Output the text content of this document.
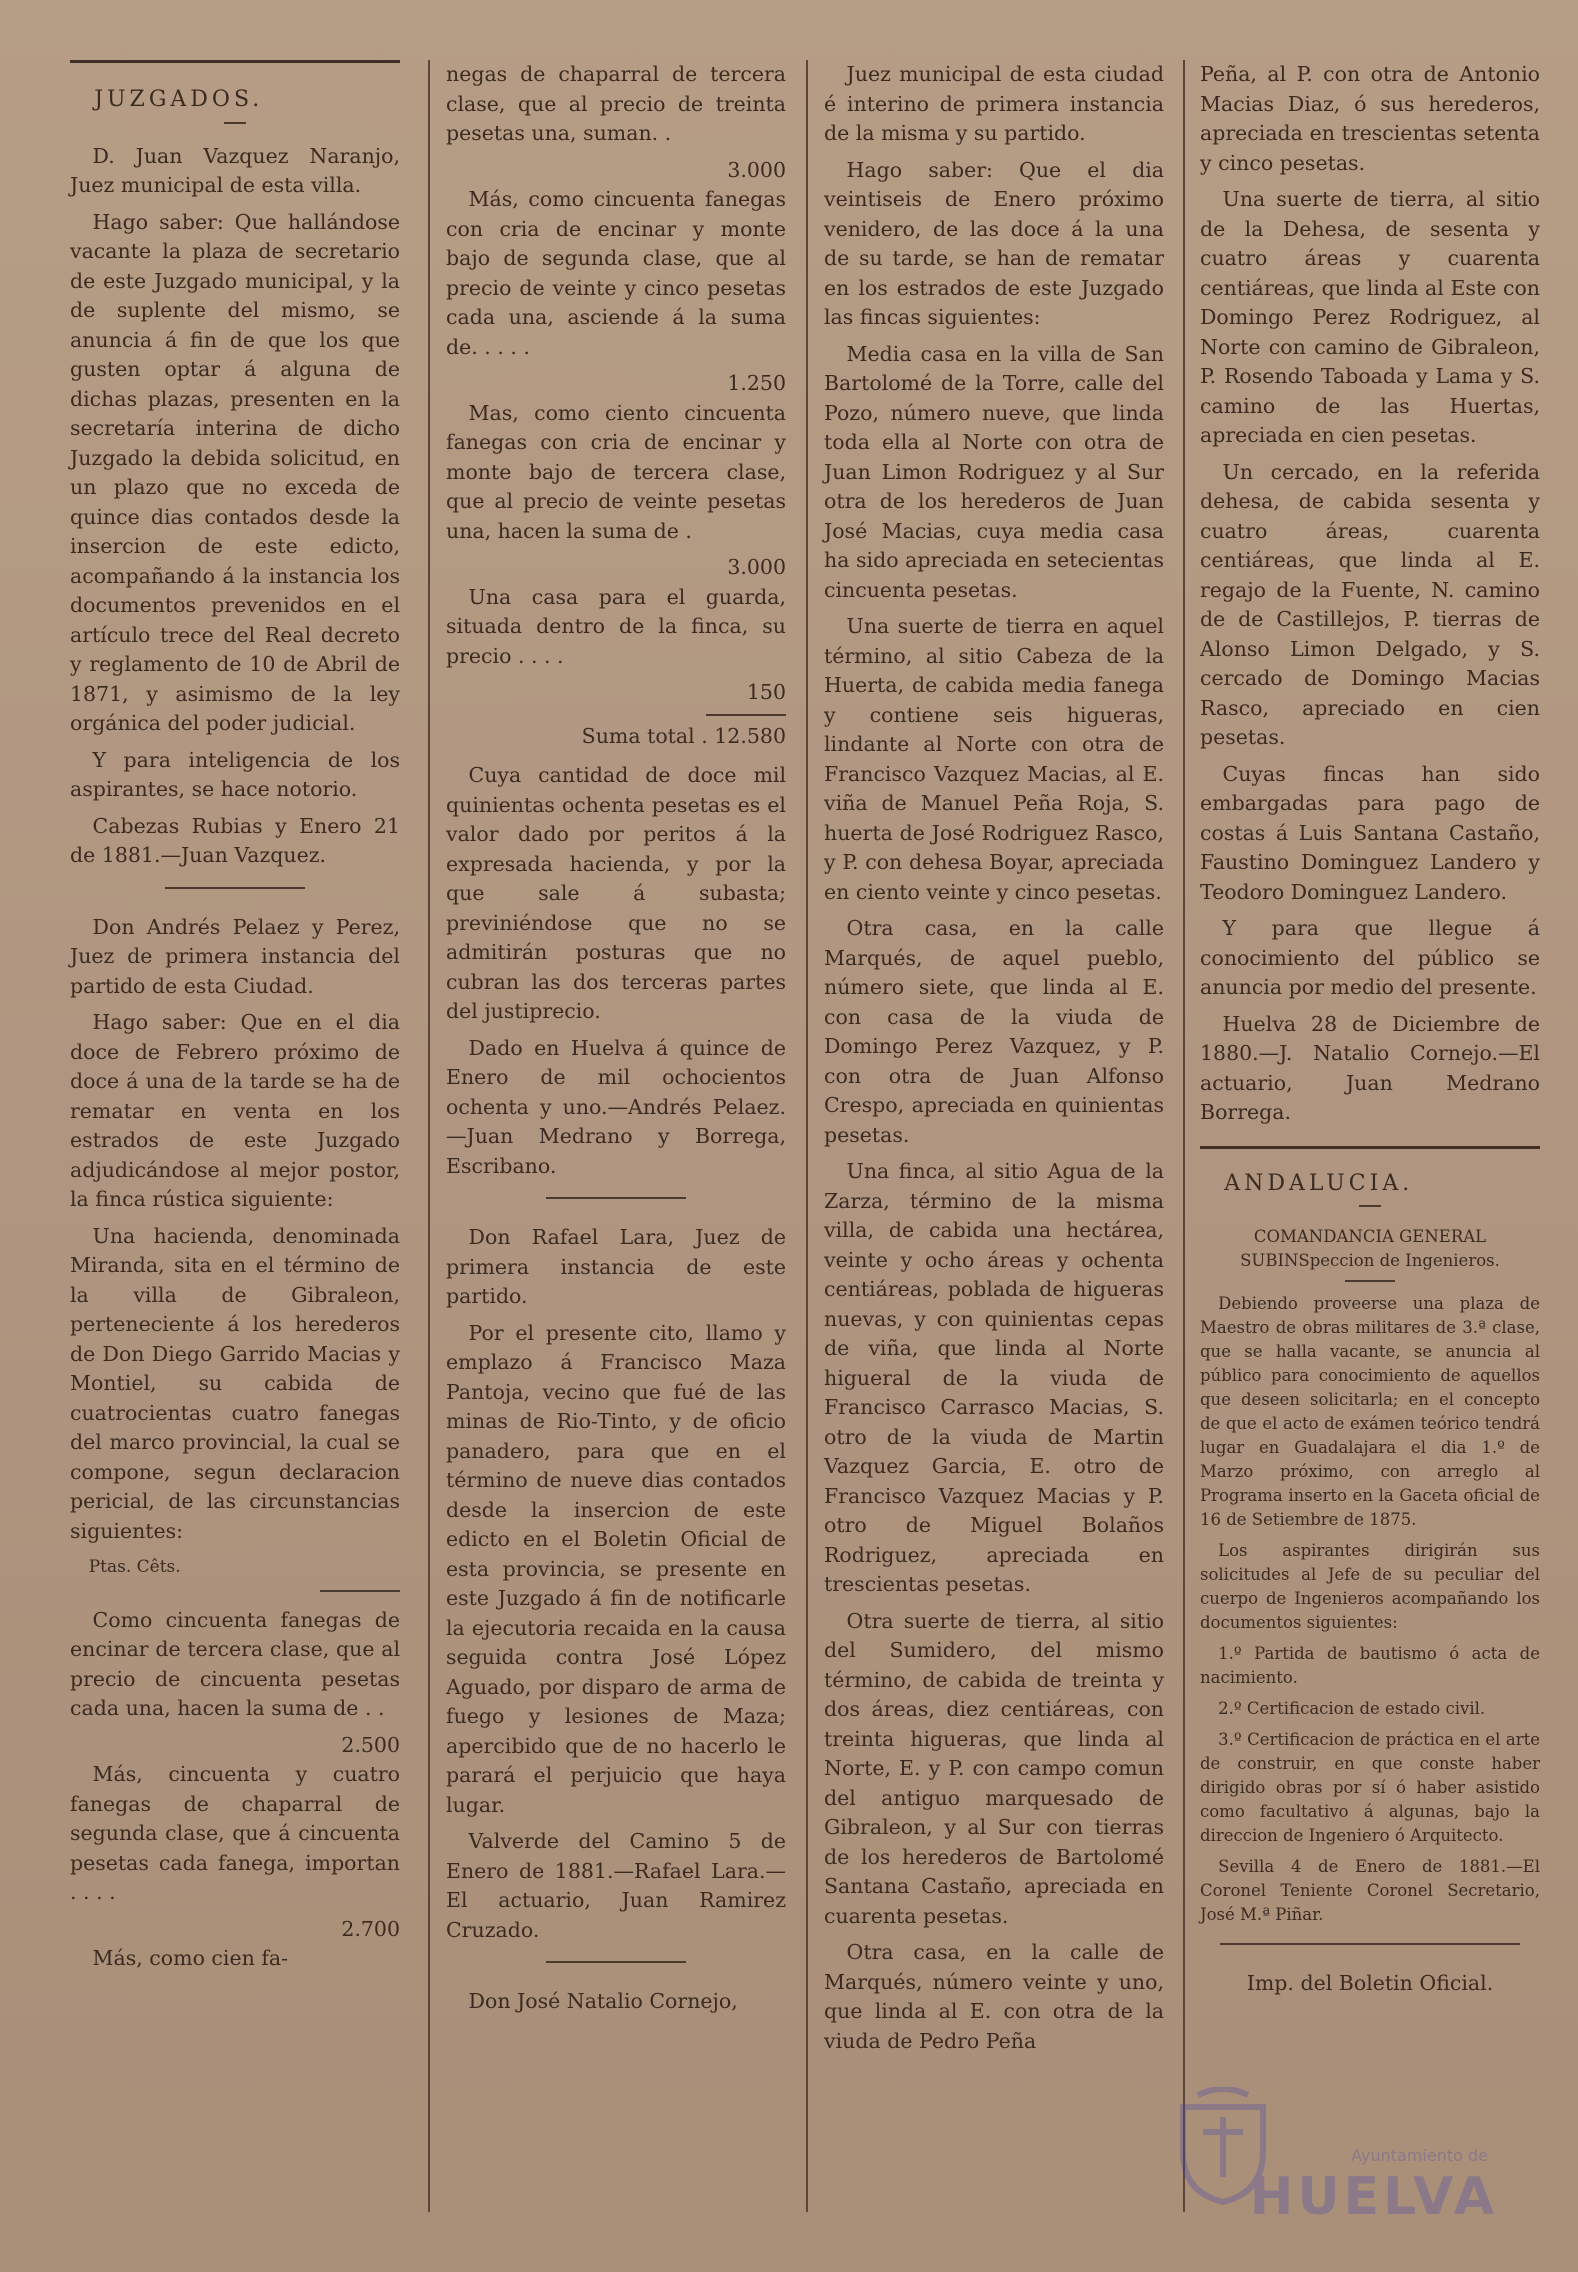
JUZGADOS.

D. Juan Vazquez Naranjo, Juez municipal de esta villa.

Hago saber: Que hallándose vacante la plaza de secretario de este Juzgado municipal, y la de suplente del mismo, se anuncia á fin de que los que gusten optar á alguna de dichas plazas, presenten en la secretaría interina de dicho Juzgado la debida solicitud, en un plazo que no exceda de quince dias contados desde la insercion de este edicto, acompañando á la instancia los documentos prevenidos en el artículo trece del Real decreto y reglamento de 10 de Abril de 1871, y asimismo de la ley orgánica del poder judicial.

Y para inteligencia de los aspirantes, se hace notorio.

Cabezas Rubias y Enero 21 de 1881.—Juan Vazquez.

Don Andrés Pelaez y Perez, Juez de primera instancia del partido de esta Ciudad.

Hago saber: Que en el dia doce de Febrero próximo de doce á una de la tarde se ha de rematar en venta en los estrados de este Juzgado adjudicándose al mejor postor, la finca rústica siguiente:

Una hacienda, denominada Miranda, sita en el término de la villa de Gibraleon, perteneciente á los herederos de Don Diego Garrido Macias y Montiel, su cabida de cuatrocientas cuatro fanegas del marco provincial, la cual se compone, segun declaracion pericial, de las circunstancias siguientes:

Ptas. Cêts.

Como cincuenta fanegas de encinar de tercera clase, que al precio de cincuenta pesetas cada una, hacen la suma de . .

2.500

Más, cincuenta y cuatro fanegas de chaparral de segunda clase, que á cincuenta pesetas cada fanega, importan . . . .

2.700

Más, como cien fa-

negas de chaparral de tercera clase, que al precio de treinta pesetas una, suman. .

3.000

Más, como cincuenta fanegas con cria de encinar y monte bajo de segunda clase, que al precio de veinte y cinco pesetas cada una, asciende á la suma de. . . . .

1.250

Mas, como ciento cincuenta fanegas con cria de encinar y monte bajo de tercera clase, que al precio de veinte pesetas una, hacen la suma de .

3.000

Una casa para el guarda, situada dentro de la finca, su precio . . . .

150
Suma total .
12.580

Cuya cantidad de doce mil quinientas ochenta pesetas es el valor dado por peritos á la expresada hacienda, y por la que sale á subasta; previniéndose que no se admitirán posturas que no cubran las dos terceras partes del justiprecio.

Dado en Huelva á quince de Enero de mil ochocientos ochenta y uno.—Andrés Pelaez.—Juan Medrano y Borrega, Escribano.

Don Rafael Lara, Juez de primera instancia de este partido.

Por el presente cito, llamo y emplazo á Francisco Maza Pantoja, vecino que fué de las minas de Rio-Tinto, y de oficio panadero, para que en el término de nueve dias contados desde la insercion de este edicto en el Boletin Oficial de esta provincia, se presente en este Juzgado á fin de notificarle la ejecutoria recaida en la causa seguida contra José López Aguado, por disparo de arma de fuego y lesiones de Maza; apercibido que de no hacerlo le parará el perjuicio que haya lugar.

Valverde del Camino 5 de Enero de 1881.—Rafael Lara.—El actuario, Juan Ramirez Cruzado.

Don José Natalio Cornejo,

Juez municipal de esta ciudad é interino de primera instancia de la misma y su partido.

Hago saber: Que el dia veintiseis de Enero próximo venidero, de las doce á la una de su tarde, se han de rematar en los estrados de este Juzgado las fincas siguientes:

Media casa en la villa de San Bartolomé de la Torre, calle del Pozo, número nueve, que linda toda ella al Norte con otra de Juan Limon Rodriguez y al Sur otra de los herederos de Juan José Macias, cuya media casa ha sido apreciada en setecientas cincuenta pesetas.

Una suerte de tierra en aquel término, al sitio Cabeza de la Huerta, de cabida media fanega y contiene seis higueras, lindante al Norte con otra de Francisco Vazquez Macias, al E. viña de Manuel Peña Roja, S. huerta de José Rodriguez Rasco, y P. con dehesa Boyar, apreciada en ciento veinte y cinco pesetas.

Otra casa, en la calle Marqués, de aquel pueblo, número siete, que linda al E. con casa de la viuda de Domingo Perez Vazquez, y P. con otra de Juan Alfonso Crespo, apreciada en quinientas pesetas.

Una finca, al sitio Agua de la Zarza, término de la misma villa, de cabida una hectárea, veinte y ocho áreas y ochenta centiáreas, poblada de higueras nuevas, y con quinientas cepas de viña, que linda al Norte higueral de la viuda de Francisco Carrasco Macias, S. otro de la viuda de Martin Vazquez Garcia, E. otro de Francisco Vazquez Macias y P. otro de Miguel Bolaños Rodriguez, apreciada en trescientas pesetas.

Otra suerte de tierra, al sitio del Sumidero, del mismo término, de cabida de treinta y dos áreas, diez centiáreas, con treinta higueras, que linda al Norte, E. y P. con campo comun del antiguo marquesado de Gibraleon, y al Sur con tierras de los herederos de Bartolomé Santana Castaño, apreciada en cuarenta pesetas.

Otra casa, en la calle de Marqués, número veinte y uno, que linda al E. con otra de la viuda de Pedro Peña

Peña, al P. con otra de Antonio Macias Diaz, ó sus herederos, apreciada en trescientas setenta y cinco pesetas.

Una suerte de tierra, al sitio de la Dehesa, de sesenta y cuatro áreas y cuarenta centiáreas, que linda al Este con Domingo Perez Rodriguez, al Norte con camino de Gibraleon, P. Rosendo Taboada y Lama y S. camino de las Huertas, apreciada en cien pesetas.

Un cercado, en la referida dehesa, de cabida sesenta y cuatro áreas, cuarenta centiáreas, que linda al E. regajo de la Fuente, N. camino de de Castillejos, P. tierras de Alonso Limon Delgado, y S. cercado de Domingo Macias Rasco, apreciado en cien pesetas.

Cuyas fincas han sido embargadas para pago de costas á Luis Santana Castaño, Faustino Dominguez Landero y Teodoro Dominguez Landero.

Y para que llegue á conocimiento del público se anuncia por medio del presente.

Huelva 28 de Diciembre de 1880.—J. Natalio Cornejo.—El actuario, Juan Medrano Borrega.

ANDALUCIA.

COMANDANCIA GENERAL SUBINSpeccion de Ingenieros.

Debiendo proveerse una plaza de Maestro de obras militares de 3.ª clase, que se halla vacante, se anuncia al público para conocimiento de aquellos que deseen solicitarla; en el concepto de que el acto de exámen teórico tendrá lugar en Guadalajara el dia 1.º de Marzo próximo, con arreglo al Programa inserto en la Gaceta oficial de 16 de Setiembre de 1875.

Los aspirantes dirigirán sus solicitudes al Jefe de su peculiar del cuerpo de Ingenieros acompañando los documentos siguientes:

1.º Partida de bautismo ó acta de nacimiento.

2.º Certificacion de estado civil.

3.º Certificacion de práctica en el arte de construir, en que conste haber dirigido obras por sí ó haber asistido como facultativo á algunas, bajo la direccion de Ingeniero ó Arquitecto.

Sevilla 4 de Enero de 1881.—El Coronel Teniente Coronel Secretario, José M.ª Piñar.

Imp. del Boletin Oficial.

Ayuntamiento de
HUELVA
